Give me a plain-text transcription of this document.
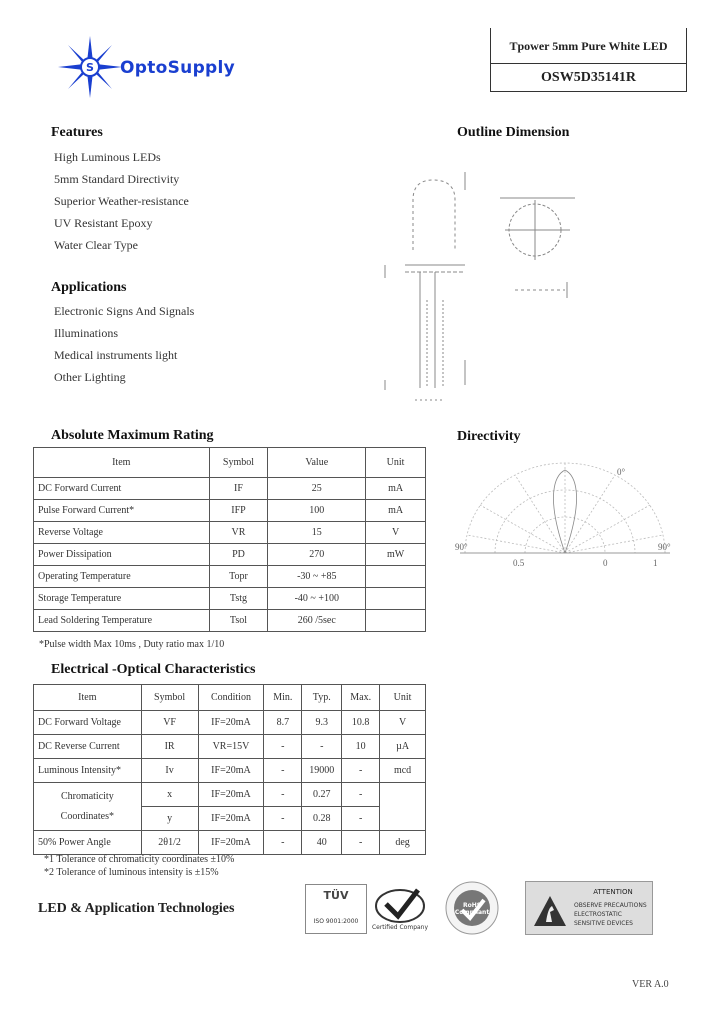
S OptoSupply
Tpower 5mm Pure White LED
OSW5D35141R
Features
High Luminous LEDs
5mm Standard Directivity
Superior Weather-resistance
UV Resistant Epoxy
Water Clear Type
Applications
Electronic Signs And Signals
Illuminations
Medical instruments light
Other Lighting
Outline Dimension
Directivity
0°
90°	90°
0.5	0	1
Absolute Maximum Rating
Item	Symbol	Value	Unit
DC Forward Current	IF	25	mA
Pulse Forward Current*	IFP	100	mA
Reverse Voltage	VR	15	V
Power Dissipation	PD	270	mW
Operating Temperature	Topr	-30 ~ +85	
Storage Temperature	Tstg	-40 ~ +100	
Lead Soldering Temperature	Tsol	260 /5sec	
*Pulse width Max 10ms , Duty ratio max 1/10
Electrical -Optical Characteristics
Item	Symbol	Condition	Min.	Typ.	Max.	Unit
DC Forward Voltage	VF	IF=20mA	8.7	9.3	10.8	V
DC Reverse Current	IR	VR=15V	-	-	10	µA
Luminous Intensity*	Iv	IF=20mA	-	19000	-	mcd

Chromaticity
Coordinates*	x	IF=20mA	-	0.27	-	
	y	IF=20mA	-	0.28	-	
50% Power Angle	2θ1/2	IF=20mA	-	40	-	deg
*1 Tolerance of chromaticity coordinates ±10%
*2 Tolerance of luminous intensity is ±15%
LED & Application Technologies
TÜV
ISO 9001:2000
Certified Company
RoHS Compliant
ATTENTION
OBSERVE PRECAUTIONS
ELECTROSTATIC
SENSITIVE DEVICES
VER A.0
